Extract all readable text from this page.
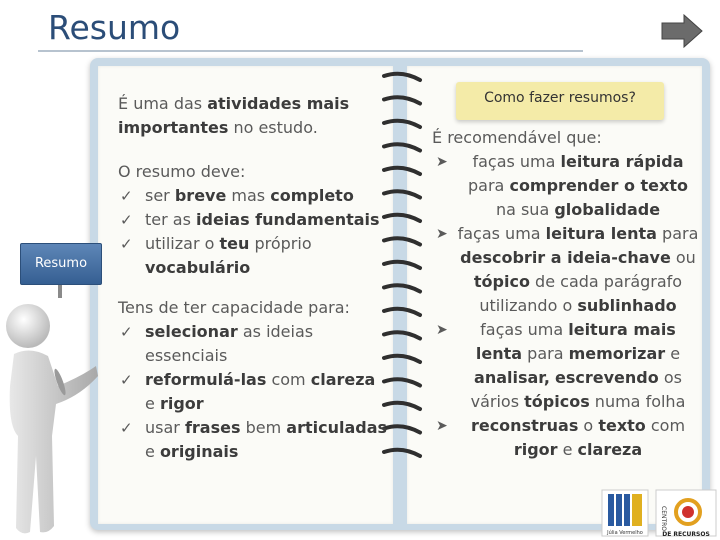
Resumo
É uma das atividades mais importantes no estudo.
O resumo deve:
✓ ser breve mas completo
✓ ter as ideias fundamentais
✓ utilizar o teu próprio vocabulário
Tens de ter capacidade para:
✓ selecionar as ideias essenciais
✓ reformulá-las com clareza e rigor
✓ usar frases bem articuladas e originais
Como fazer resumos?
É recomendável que:
➤ faças uma leitura rápida para comprender o texto na sua globalidade
➤ faças uma leitura lenta para descobrir a ideia-chave ou tópico de cada parágrafo utilizando o sublinhado
➤ faças uma leitura mais lenta para memorizar e analisar, escrevendo os vários tópicos numa folha
➤ reconstruas o texto com rigor e clareza
Resumo
Júlia Vermelho
CENTRO
DE RECURSOS
